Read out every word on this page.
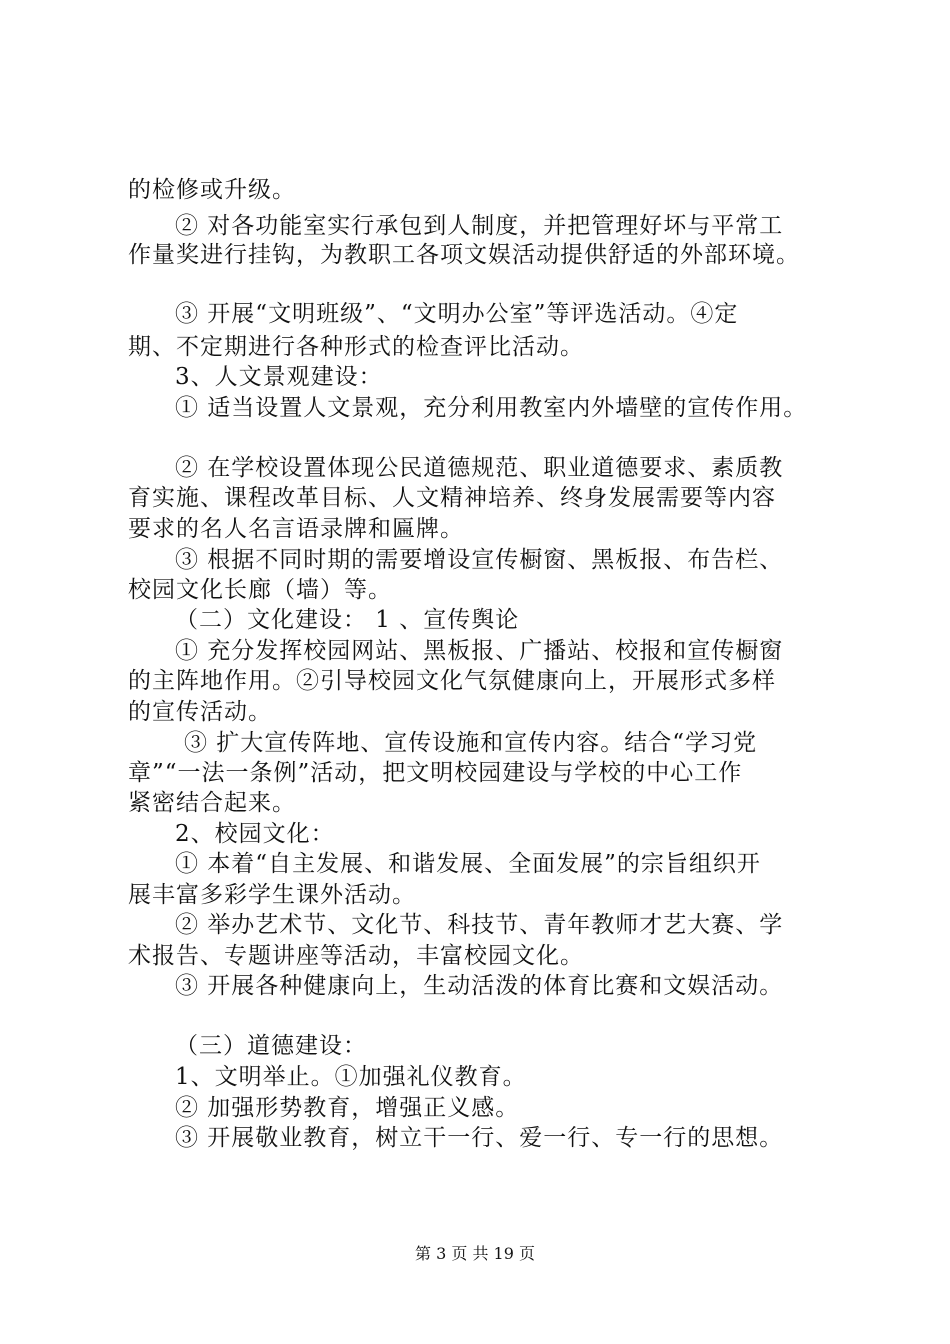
的检修或升级。
② 对各功能室实行承包到人制度，并把管理好坏与平常工
作量奖进行挂钩，为教职工各项文娱活动提供舒适的外部环境。
③ 开展“文明班级”、“文明办公室”等评选活动。④定
期、不定期进行各种形式的检查评比活动。
3、人文景观建设：
① 适当设置人文景观，充分利用教室内外墙壁的宣传作用。
② 在学校设置体现公民道德规范、职业道德要求、素质教
育实施、课程改革目标、人文精神培养、终身发展需要等内容
要求的名人名言语录牌和匾牌。
③ 根据不同时期的需要增设宣传橱窗、黑板报、布告栏、
校园文化长廊（墙）等。
（二）文化建设： 1 、宣传舆论
① 充分发挥校园网站、黑板报、广播站、校报和宣传橱窗
的主阵地作用。②引导校园文化气氛健康向上，开展形式多样
的宣传活动。
③ 扩大宣传阵地、宣传设施和宣传内容。结合“学习党
章”“一法一条例”活动，把文明校园建设与学校的中心工作
紧密结合起来。
2、校园文化：
① 本着“自主发展、和谐发展、全面发展”的宗旨组织开
展丰富多彩学生课外活动。
② 举办艺术节、文化节、科技节、青年教师才艺大赛、学
术报告、专题讲座等活动，丰富校园文化。
③ 开展各种健康向上，生动活泼的体育比赛和文娱活动。
（三）道德建设：
1、文明举止。①加强礼仪教育。
② 加强形势教育，增强正义感。
③ 开展敬业教育，树立干一行、爱一行、专一行的思想。
第 3 页 共 19 页
